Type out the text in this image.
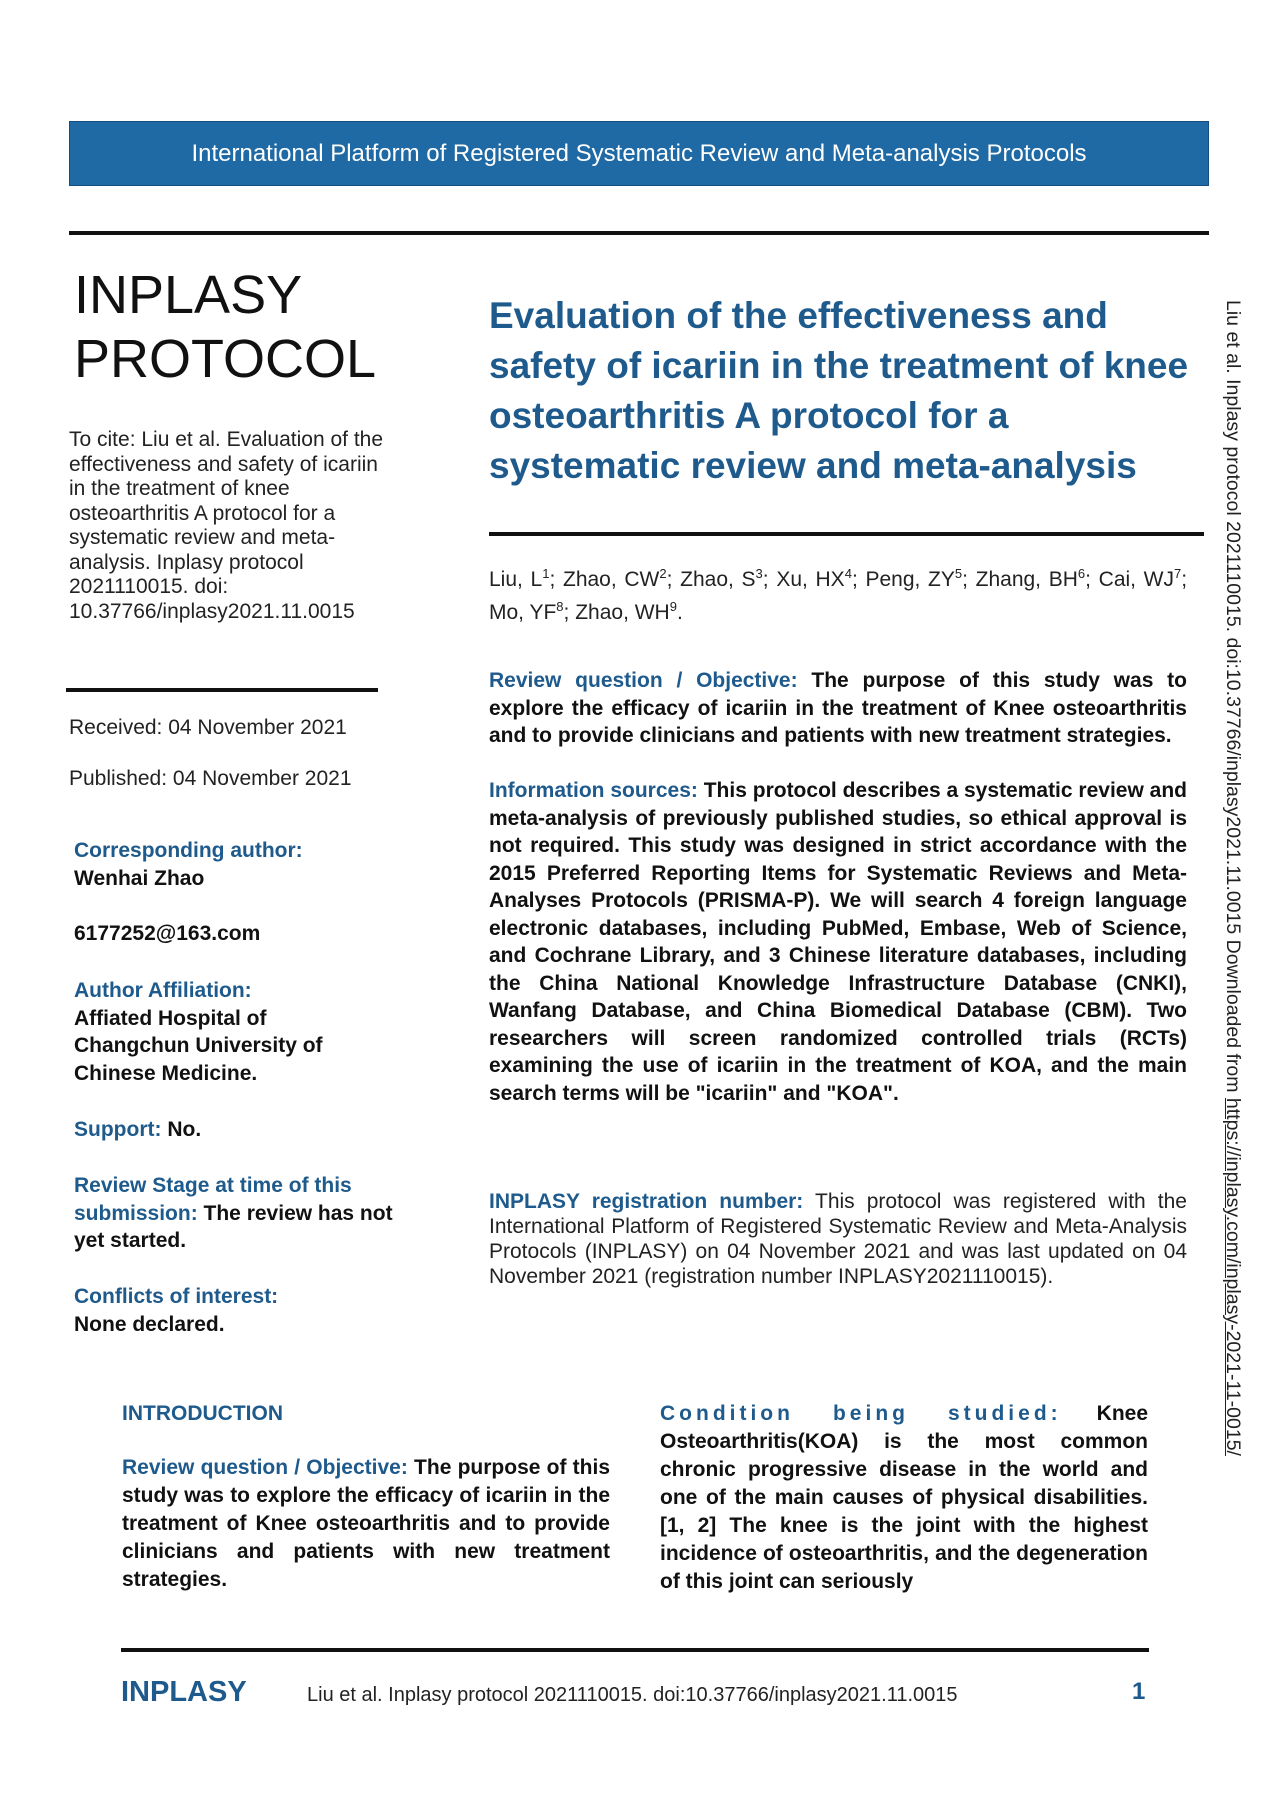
International Platform of Registered Systematic Review and Meta-analysis Protocols
INPLASY
PROTOCOL
To cite: Liu et al. Evaluation of the effectiveness and safety of icariin in the treatment of knee osteoarthritis A protocol for a systematic review and meta-analysis. Inplasy protocol 2021110015. doi: 10.37766/inplasy2021.11.0015
Received: 04 November 2021
Published: 04 November 2021
Corresponding author:
Wenhai Zhao
6177252@163.com
Author Affiliation:
Affiated Hospital of Changchun University of Chinese Medicine.
Support: No.
Review Stage at time of this submission: The review has not yet started.
Conflicts of interest:
None declared.
Evaluation of the effectiveness and safety of icariin in the treatment of knee osteoarthritis A protocol for a systematic review and meta-analysis
Liu, $L^1$; Zhao, $CW^2$; Zhao, $S^3$; Xu, $HX^4$; Peng, $ZY^5$; Zhang, $BH^6$; Cai, $WJ^7$; Mo, $YF^8$; Zhao, $WH^9$.
Review question / Objective: The purpose of this study was to explore the efficacy of icariin in the treatment of Knee osteoarthritis and to provide clinicians and patients with new treatment strategies.
Information sources: This protocol describes a systematic review and meta-analysis of previously published studies, so ethical approval is not required. This study was designed in strict accordance with the 2015 Preferred Reporting Items for Systematic Reviews and Meta-Analyses Protocols (PRISMA-P). We will search 4 foreign language electronic databases, including PubMed, Embase, Web of Science, and Cochrane Library, and 3 Chinese literature databases, including the China National Knowledge Infrastructure Database (CNKI), Wanfang Database, and China Biomedical Database (CBM). Two researchers will screen randomized controlled trials (RCTs) examining the use of icariin in the treatment of KOA, and the main search terms will be "icariin" and "KOA".
INPLASY registration number: This protocol was registered with the International Platform of Registered Systematic Review and Meta-Analysis Protocols (INPLASY) on 04 November 2021 and was last updated on 04 November 2021 (registration number INPLASY2021110015).
Liu et al. Inplasy protocol 2021110015. doi:10.37766/inplasy2021.11.0015 Downloaded from https://inplasy.com/inplasy-2021-11-0015/
INTRODUCTION
Review question / Objective: The purpose of this study was to explore the efficacy of icariin in the treatment of Knee osteoarthritis and to provide clinicians and patients with new treatment strategies.
Condition being studied: Knee Osteoarthritis(KOA) is the most common chronic progressive disease in the world and one of the main causes of physical disabilities.[1, 2] The knee is the joint with the highest incidence of osteoarthritis, and the degeneration of this joint can seriously
INPLASY	Liu et al. Inplasy protocol 2021110015. doi:10.37766/inplasy2021.11.0015	1
